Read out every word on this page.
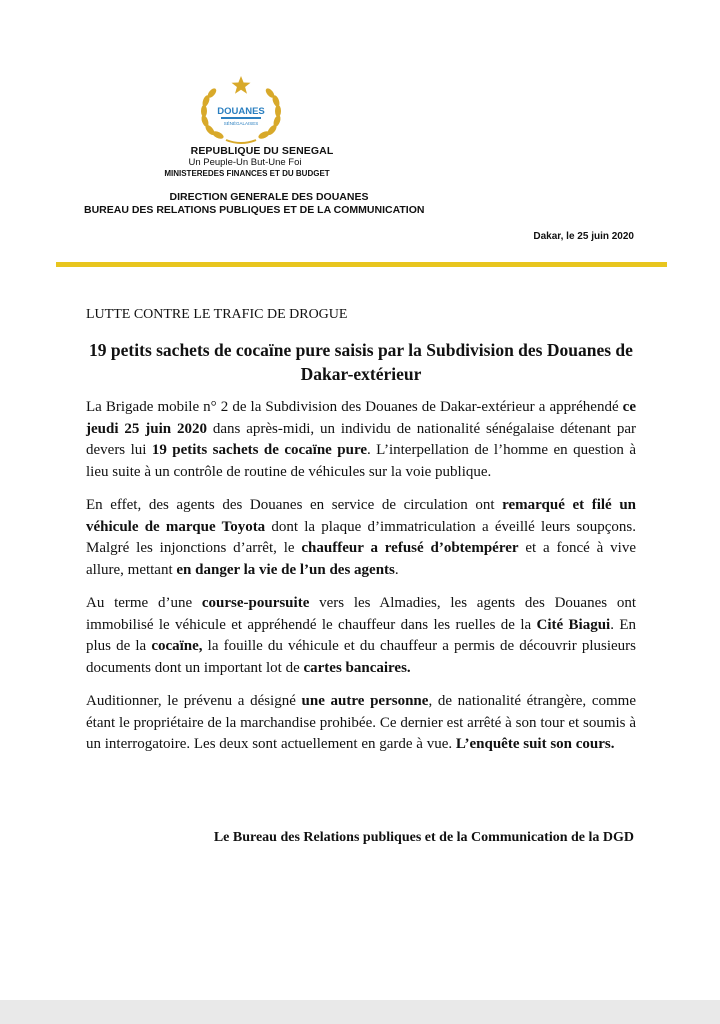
DOUANES
SÉNÉGALAISES
REPUBLIQUE DU SENEGAL
Un Peuple-Un But-Une Foi
MINISTEREDES FINANCES ET DU BUDGET
DIRECTION GENERALE DES DOUANES
BUREAU DES RELATIONS PUBLIQUES ET DE LA COMMUNICATION
Dakar, le 25 juin 2020
LUTTE CONTRE LE TRAFIC DE DROGUE
19 petits sachets de cocaïne pure saisis par la Subdivision des Douanes de Dakar-extérieur

La Brigade mobile n° 2 de la Subdivision des Douanes de Dakar-extérieur a appréhendé ce jeudi 25 juin 2020 dans après-midi, un individu de nationalité sénégalaise détenant par devers lui 19 petits sachets de cocaïne pure. L’interpellation de l’homme en question à lieu suite à un contrôle de routine de véhicules sur la voie publique.

En effet, des agents des Douanes en service de circulation ont remarqué et filé un véhicule de marque Toyota dont la plaque d’immatriculation a éveillé leurs soupçons. Malgré les injonctions d’arrêt, le chauffeur a refusé d’obtempérer et a foncé à vive allure, mettant en danger la vie de l’un des agents.

Au terme d’une course-poursuite vers les Almadies, les agents des Douanes ont immobilisé le véhicule et appréhendé le chauffeur dans les ruelles de la Cité Biagui. En plus de la cocaïne, la fouille du véhicule et du chauffeur a permis de découvrir plusieurs documents dont un important lot de cartes bancaires.

Auditionner, le prévenu a désigné une autre personne, de nationalité étrangère, comme étant le propriétaire de la marchandise prohibée. Ce dernier est arrêté à son tour et soumis à un interrogatoire. Les deux sont actuellement en garde à vue. L’enquête suit son cours.

Le Bureau des Relations publiques et de la Communication de la DGD
